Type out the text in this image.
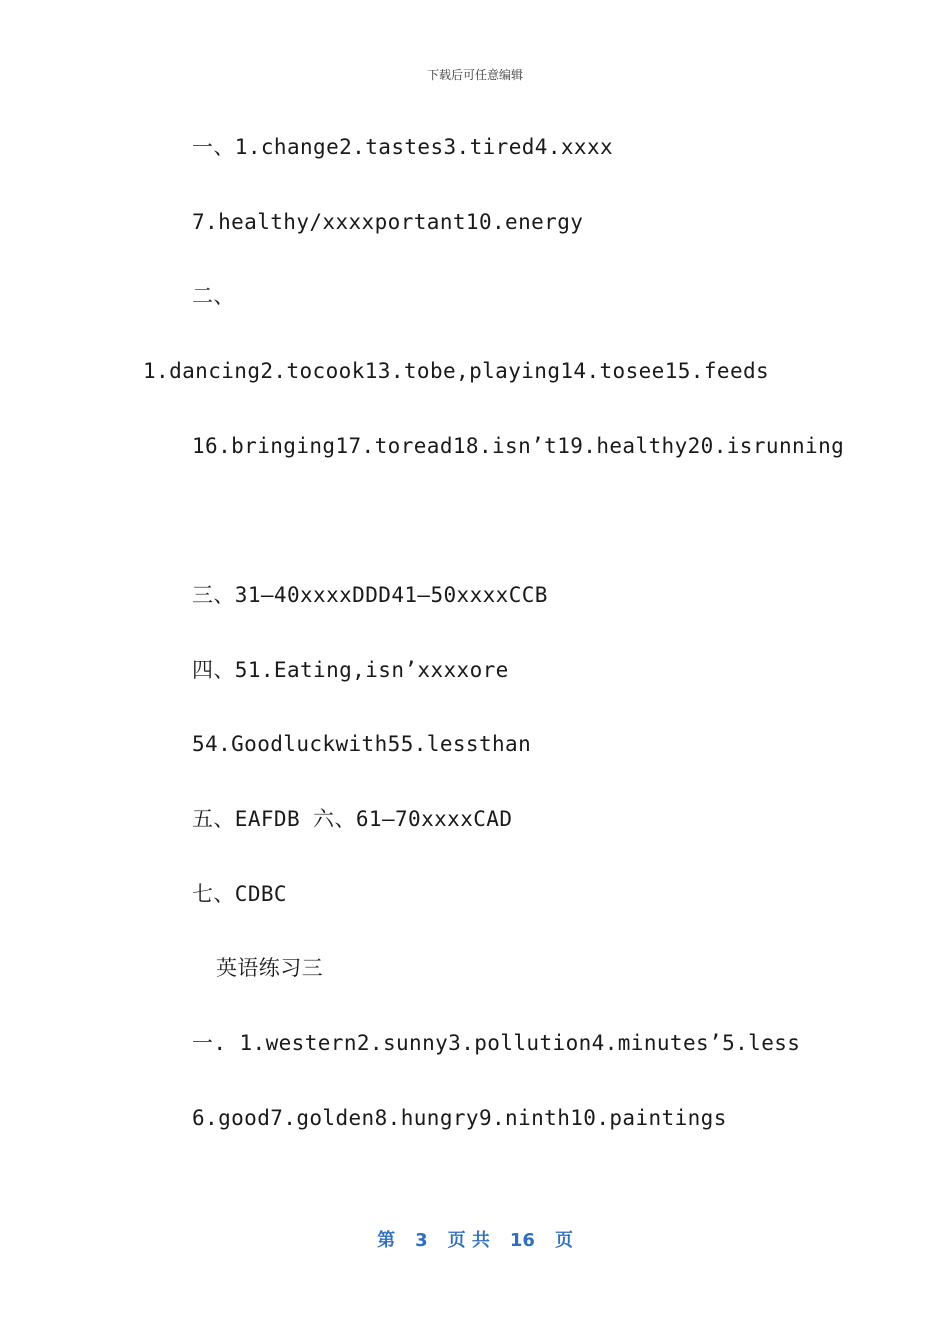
下载后可任意编辑
一、1.change2.tastes3.tired4.xxxx
7.healthy/xxxxportant10.energy
二、
1.dancing2.tocook13.tobe,playing14.tosee15.feeds
16.bringing17.toread18.isn’t19.healthy20.isrunning
三、31—40xxxxDDD41—50xxxxCCB
四、51.Eating,isn’xxxxore
54.Goodluckwith55.lessthan
五、EAFDB 六、61—70xxxxCAD
七、CDBC
英语练习三
一. 1.western2.sunny3.pollution4.minutes’5.less
6.good7.golden8.hungry9.ninth10.paintings
第 3 页 共 16 页
